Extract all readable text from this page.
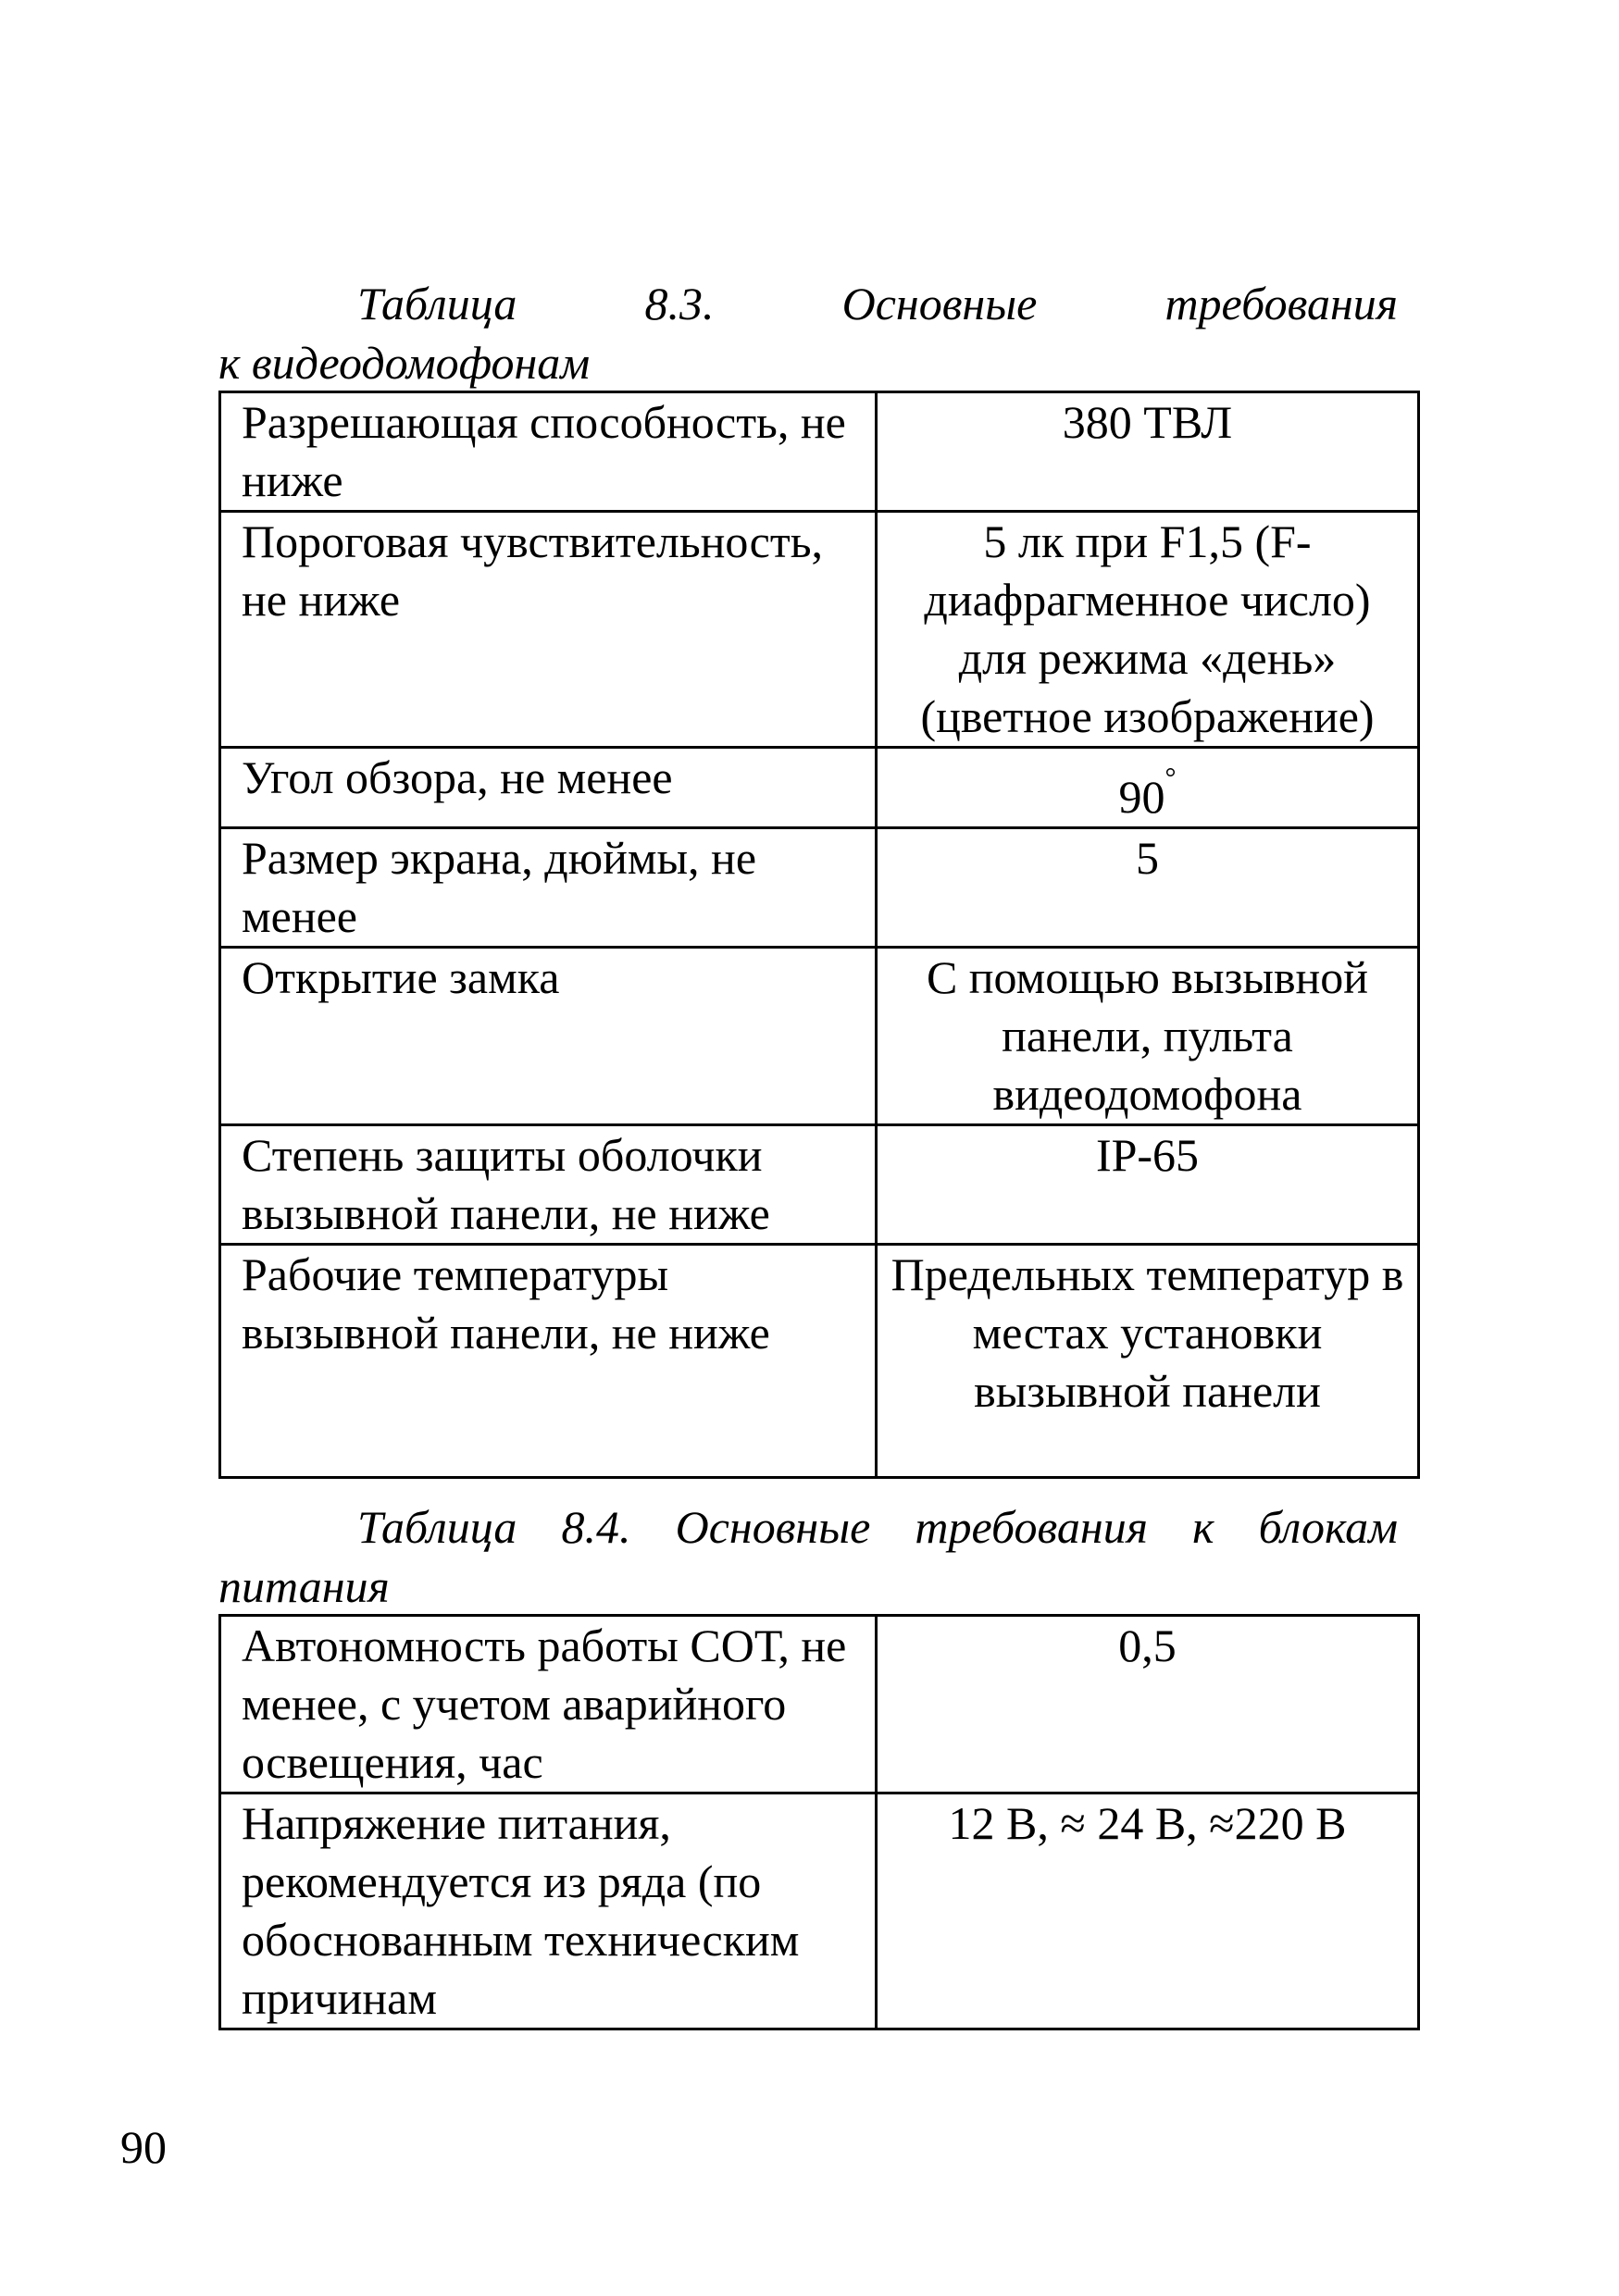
Таблица 8.3. Основные требования
к видеодомофонам
Разрешающая способность, не ниже	380 ТВЛ
Пороговая чувствительность, не ниже	5 лк при F1,5 (F-диафрагменное число) для режима «день» (цветное изображение)
Угол обзора, не менее	90°
Размер экрана, дюймы, не менее	5
Открытие замка	С помощью вызывной панели, пульта видеодомофона
Степень защиты оболочки вызывной панели, не ниже	IP-65
Рабочие температуры вызывной панели, не ниже	Предельных температур в местах установки вызывной панели
Таблица 8.4. Основные требования к блокам
питания
Автономность работы СОТ, не менее, с учетом аварийного освещения, час	0,5
Напряжение питания, рекомендуется из ряда (по обоснованным техническим причинам	12 В, ≈ 24 В, ≈220 В
90
